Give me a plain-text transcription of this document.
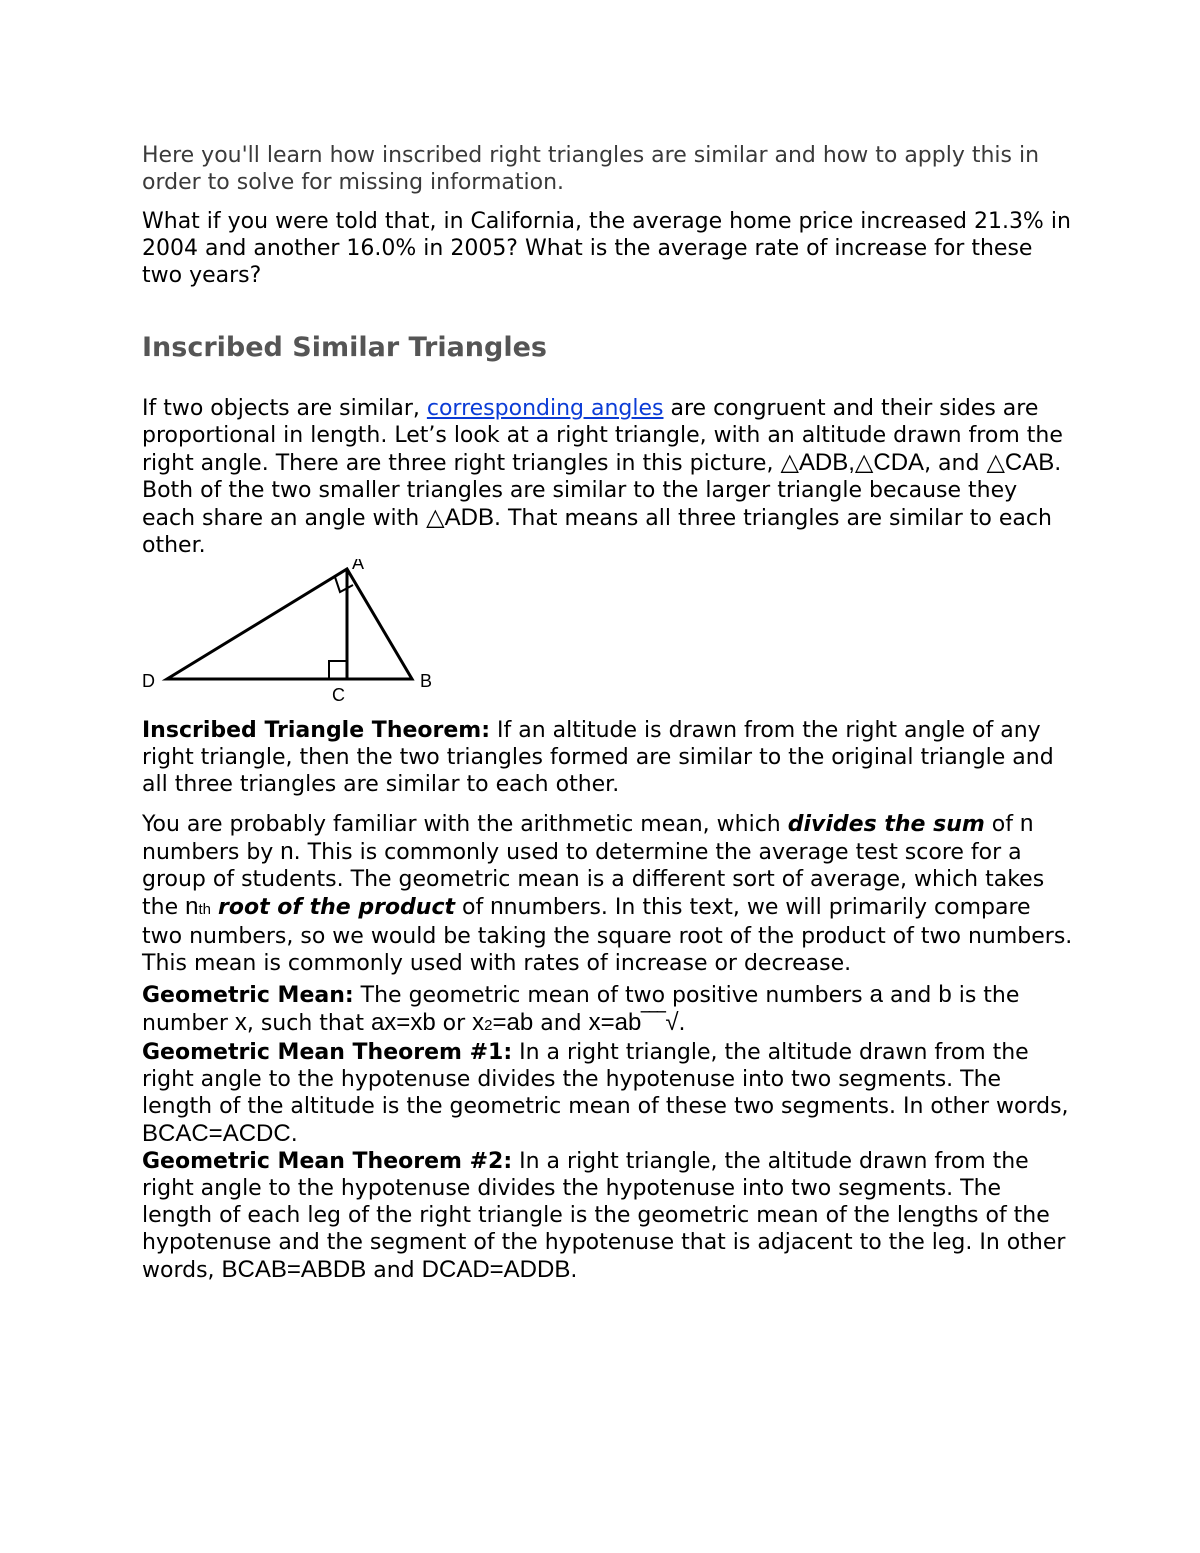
Here you'll learn how inscribed right triangles are similar and how to apply this in order to solve for missing information.

What if you were told that, in California, the average home price increased 21.3% in 2004 and another 16.0% in 2005? What is the average rate of increase for these two years?

Inscribed Similar Triangles

If two objects are similar, corresponding angles are congruent and their sides are proportional in length. Let’s look at a right triangle, with an altitude drawn from the right angle. There are three right triangles in this picture, △ADB,△CDA, and △CAB. Both of the two smaller triangles are similar to the larger triangle because they each share an angle with △ADB. That means all three triangles are similar to each other.

A
B
C
D

Inscribed Triangle Theorem: If an altitude is drawn from the right angle of any right triangle, then the two triangles formed are similar to the original triangle and all three triangles are similar to each other.

You are probably familiar with the arithmetic mean, which divides the sum of n numbers by n. This is commonly used to determine the average test score for a group of students. The geometric mean is a different sort of average, which takes the nth root of the product of nnumbers. In this text, we will primarily compare two numbers, so we would be taking the square root of the product of two numbers. This mean is commonly used with rates of increase or decrease.

Geometric Mean: The geometric mean of two positive numbers a and b is the number x, such that ax=xb or x2=ab and x=ab‾‾‾√.

Geometric Mean Theorem #1: In a right triangle, the altitude drawn from the right angle to the hypotenuse divides the hypotenuse into two segments. The length of the altitude is the geometric mean of these two segments. In other words, BCAC=ACDC.

Geometric Mean Theorem #2: In a right triangle, the altitude drawn from the right angle to the hypotenuse divides the hypotenuse into two segments. The length of each leg of the right triangle is the geometric mean of the lengths of the hypotenuse and the segment of the hypotenuse that is adjacent to the leg. In other words, BCAB=ABDB and DCAD=ADDB.
